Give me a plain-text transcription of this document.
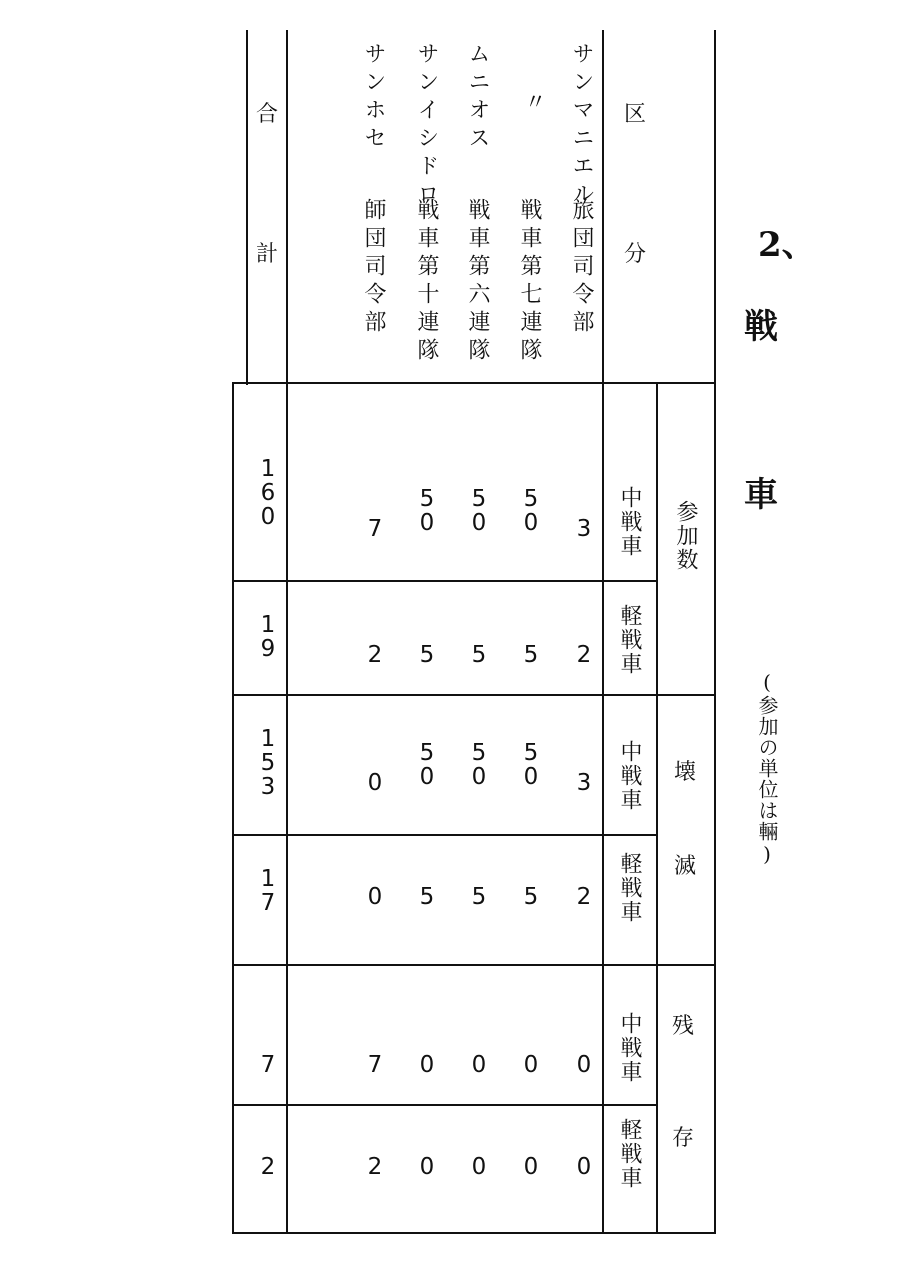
2、
戦
車
(参加の単位は輛)
区
分
サンマニエル
旅団司令部
〃
戦車第七連隊
ムニオス
戦車第六連隊
サンイシドロ
戦車第十連隊
サンホセ
師団司令部
合
計
参加数
壊
滅
残
存
中戦車
軽戦車
中戦車
軽戦車
中戦車
軽戦車
3
50
50
50
7
160
2
5
5
5
2
19
3
50
50
50
0
153
2
5
5
5
0
17
0
0
0
0
7
7
0
0
0
0
2
2
